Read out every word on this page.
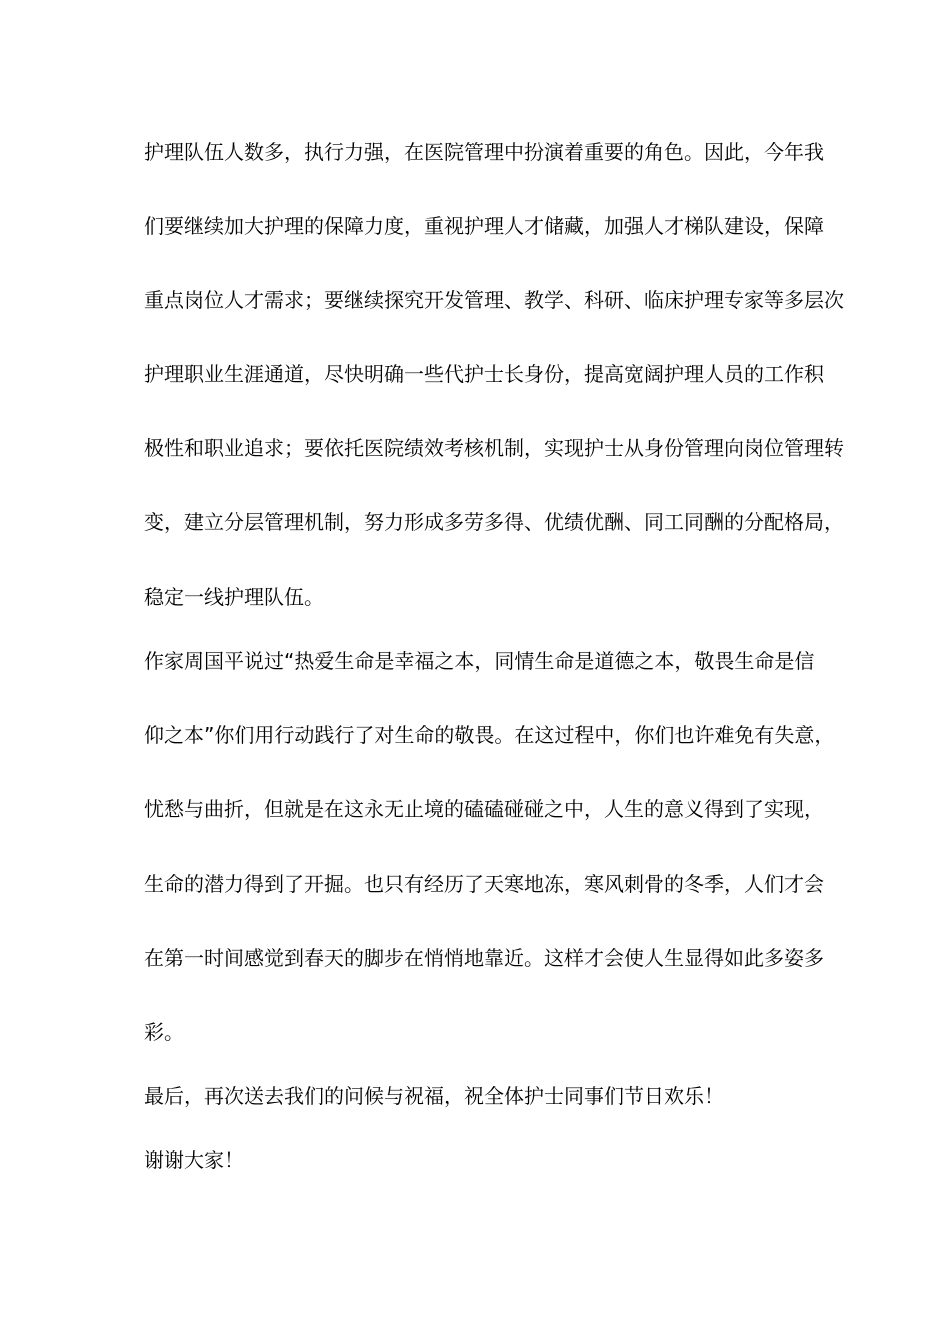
护理队伍人数多，执行力强，在医院管理中扮演着重要的角色。因此，今年我
们要继续加大护理的保障力度，重视护理人才储藏，加强人才梯队建设，保障
重点岗位人才需求；要继续探究开发管理、教学、科研、临床护理专家等多层次
护理职业生涯通道，尽快明确一些代护士长身份，提高宽阔护理人员的工作积
极性和职业追求；要依托医院绩效考核机制，实现护士从身份管理向岗位管理转
变，建立分层管理机制，努力形成多劳多得、优绩优酬、同工同酬的分配格局，
稳定一线护理队伍。
作家周国平说过“热爱生命是幸福之本，同情生命是道德之本，敬畏生命是信
仰之本”你们用行动践行了对生命的敬畏。在这过程中，你们也许难免有失意，
忧愁与曲折，但就是在这永无止境的磕磕碰碰之中，人生的意义得到了实现，
生命的潜力得到了开掘。也只有经历了天寒地冻，寒风刺骨的冬季，人们才会
在第一时间感觉到春天的脚步在悄悄地靠近。这样才会使人生显得如此多姿多
彩。
最后，再次送去我们的问候与祝福，祝全体护士同事们节日欢乐！
谢谢大家！
